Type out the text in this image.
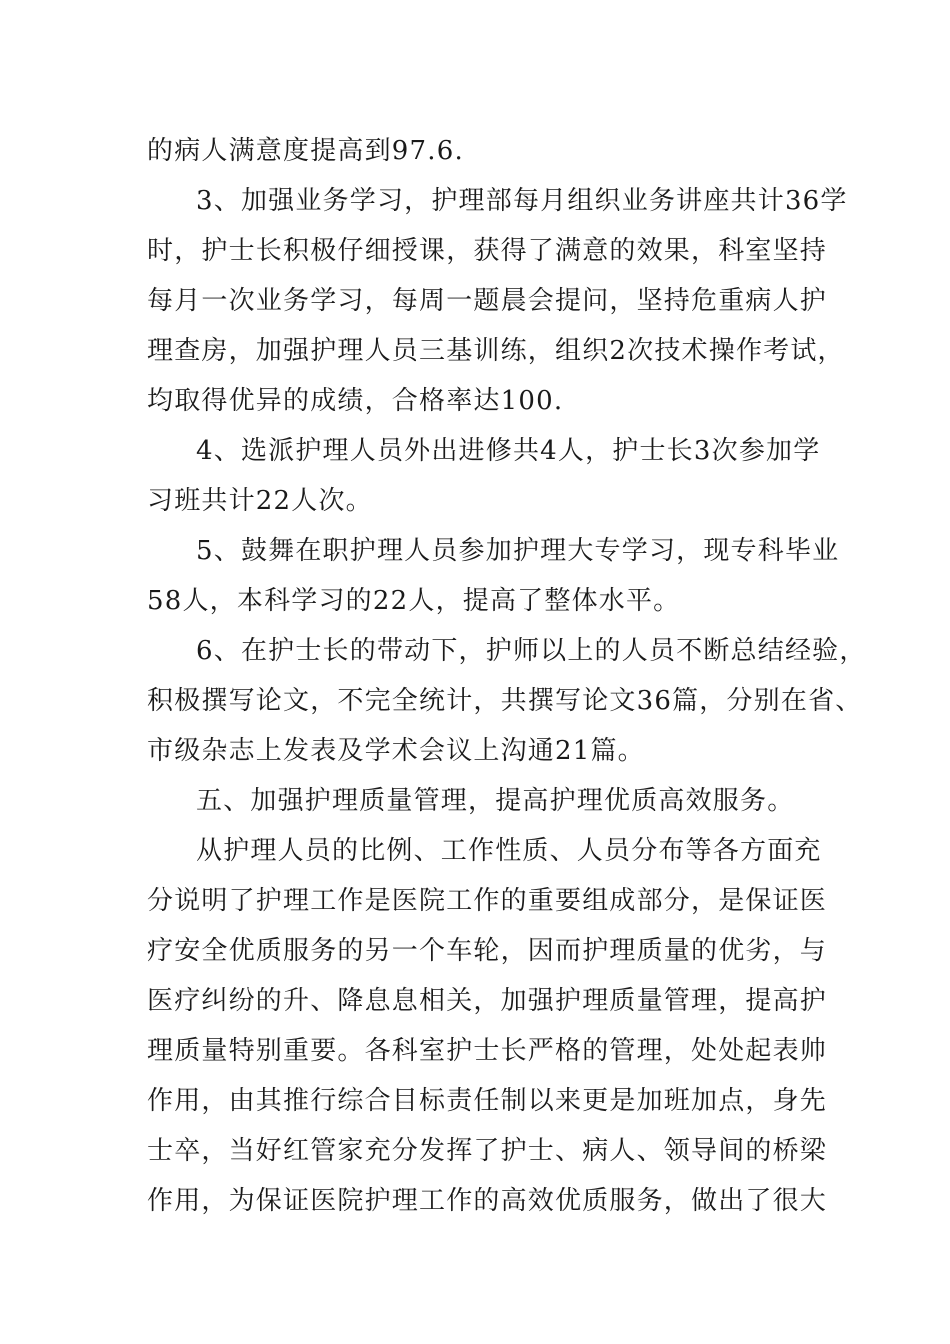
的病人满意度提高到97.6.
3、加强业务学习，护理部每月组织业务讲座共计36学
时，护士长积极仔细授课，获得了满意的效果，科室坚持
每月一次业务学习，每周一题晨会提问，坚持危重病人护
理查房，加强护理人员三基训练，组织2次技术操作考试，
均取得优异的成绩，合格率达100.
4、选派护理人员外出进修共4人，护士长3次参加学
习班共计22人次。
5、鼓舞在职护理人员参加护理大专学习，现专科毕业
58人，本科学习的22人，提高了整体水平。
6、在护士长的带动下，护师以上的人员不断总结经验，
积极撰写论文，不完全统计，共撰写论文36篇，分别在省、
市级杂志上发表及学术会议上沟通21篇。
五、加强护理质量管理，提高护理优质高效服务。
从护理人员的比例、工作性质、人员分布等各方面充
分说明了护理工作是医院工作的重要组成部分，是保证医
疗安全优质服务的另一个车轮，因而护理质量的优劣，与
医疗纠纷的升、降息息相关，加强护理质量管理，提高护
理质量特别重要。各科室护士长严格的管理，处处起表帅
作用，由其推行综合目标责任制以来更是加班加点，身先
士卒，当好红管家充分发挥了护士、病人、领导间的桥梁
作用，为保证医院护理工作的高效优质服务，做出了很大
